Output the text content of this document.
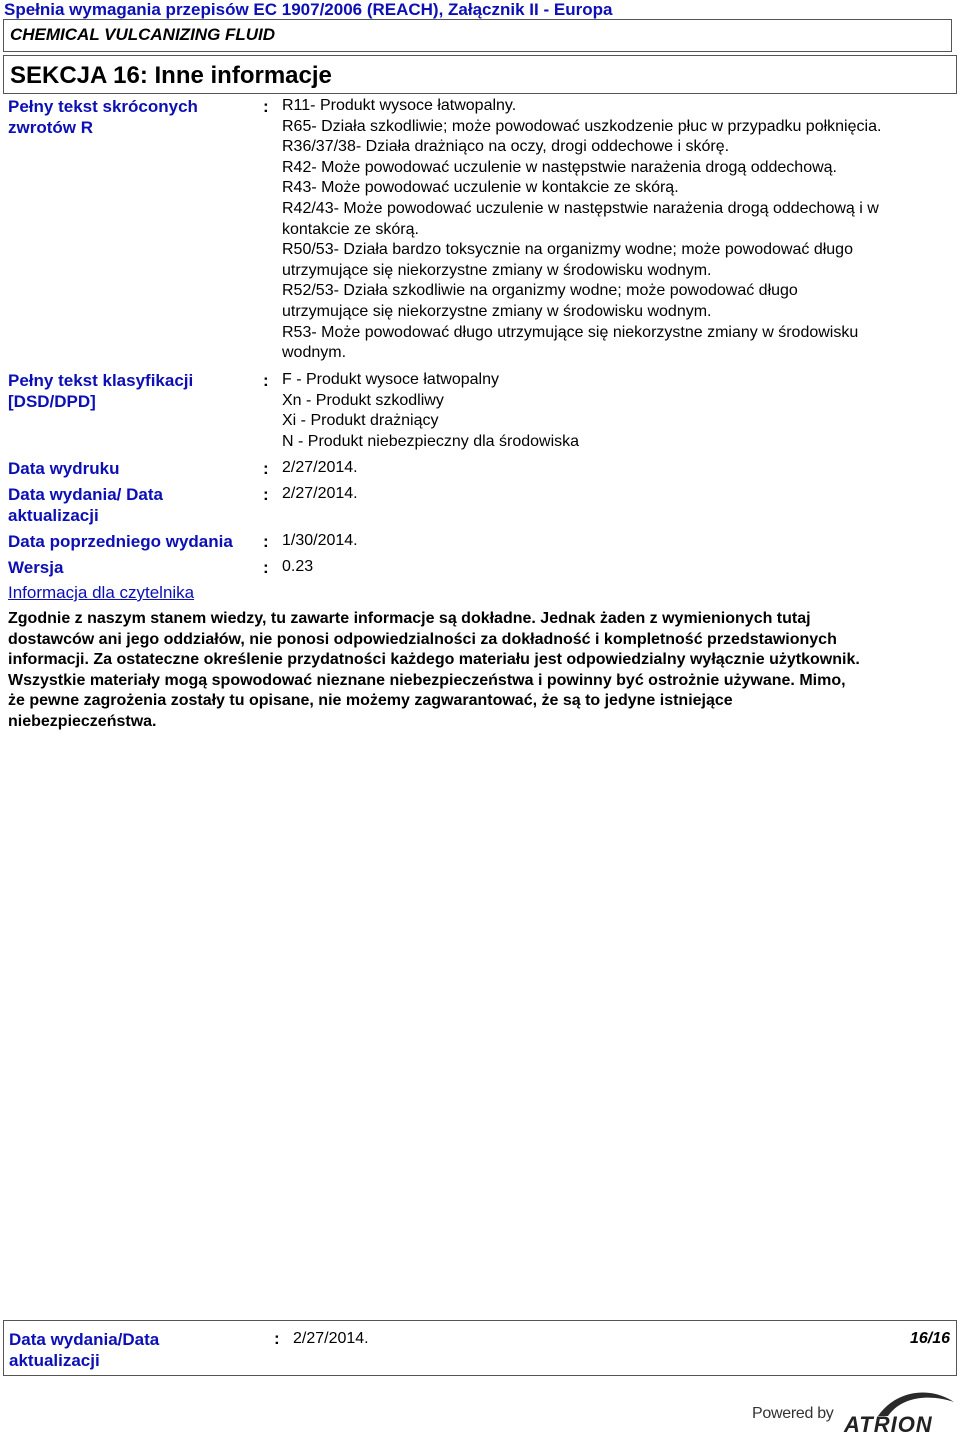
Spełnia wymagania przepisów EC 1907/2006 (REACH), Załącznik II - Europa
CHEMICAL VULCANIZING FLUID
SEKCJA 16: Inne informacje
Pełny tekst skróconych
zwrotów R
: R11- Produkt wysoce łatwopalny.
R65- Działa szkodliwie; może powodować uszkodzenie płuc w przypadku połknięcia.
R36/37/38- Działa drażniąco na oczy, drogi oddechowe i skórę.
R42- Może powodować uczulenie w następstwie narażenia drogą oddechową.
R43- Może powodować uczulenie w kontakcie ze skórą.
R42/43- Może powodować uczulenie w następstwie narażenia drogą oddechową i w
kontakcie ze skórą.
R50/53- Działa bardzo toksycznie na organizmy wodne; może powodować długo
utrzymujące się niekorzystne zmiany w środowisku wodnym.
R52/53- Działa szkodliwie na organizmy wodne; może powodować długo
utrzymujące się niekorzystne zmiany w środowisku wodnym.
R53- Może powodować długo utrzymujące się niekorzystne zmiany w środowisku
wodnym.
Pełny tekst klasyfikacji
[DSD/DPD]
: F - Produkt wysoce łatwopalny
Xn - Produkt szkodliwy
Xi - Produkt drażniący
N - Produkt niebezpieczny dla środowiska
Data wydruku	: 2/27/2014.
Data wydania/ Data
aktualizacji
: 2/27/2014.
Data poprzedniego wydania : 1/30/2014.
Wersja	: 0.23
Informacja dla czytelnika
Zgodnie z naszym stanem wiedzy, tu zawarte informacje są dokładne. Jednak żaden z wymienionych tutaj
dostawców ani jego oddziałów, nie ponosi odpowiedzialności za dokładność i kompletność przedstawionych
informacji. Za ostateczne określenie przydatności każdego materiału jest odpowiedzialny wyłącznie użytkownik.
Wszystkie materiały mogą spowodować nieznane niebezpieczeństwa i powinny być ostrożnie używane. Mimo,
że pewne zagrożenia zostały tu opisane, nie możemy zagwarantować, że są to jedyne istniejące
niebezpieczeństwa.
Data wydania/Data
aktualizacji
: 2/27/2014.	16/16
Powered by ATRION
